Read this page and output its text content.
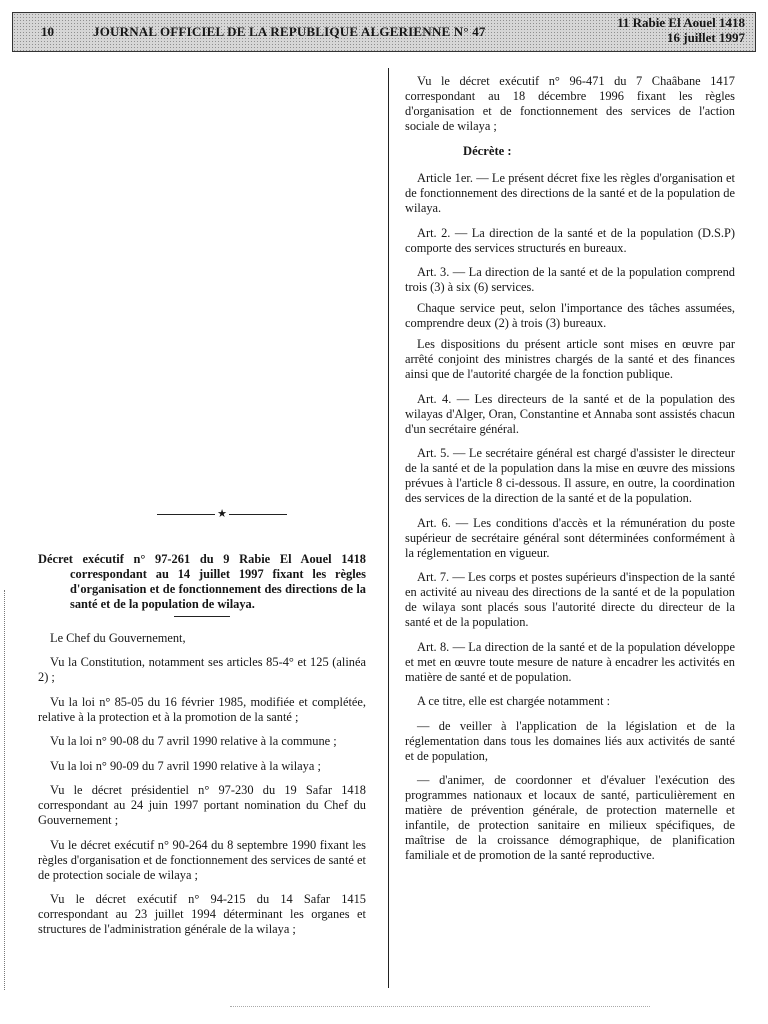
10	JOURNAL OFFICIEL DE LA REPUBLIQUE ALGERIENNE N° 47
11 Rabie El Aouel 1418
16 juillet 1997
★
Décret exécutif n° 97-261 du 9 Rabie El Aouel 1418 correspondant au 14 juillet 1997 fixant les règles d'organisation et de fonctionnement des directions de la santé et de la population de wilaya.

Le Chef du Gouvernement,

Vu la Constitution, notamment ses articles 85-4° et 125 (alinéa 2) ;

Vu la loi n° 85-05 du 16 février 1985, modifiée et complétée, relative à la protection et à la promotion de la santé ;

Vu la loi n° 90-08 du 7 avril 1990 relative à la commune ;

Vu la loi n° 90-09 du 7 avril 1990 relative à la wilaya ;

Vu le décret présidentiel n° 97-230 du 19 Safar 1418 correspondant au 24 juin 1997 portant nomination du Chef du Gouvernement ;

Vu le décret exécutif n° 90-264 du 8 septembre 1990 fixant les règles d'organisation et de fonctionnement des services de santé et de protection sociale de wilaya ;

Vu le décret exécutif n° 94-215 du 14 Safar 1415 correspondant au 23 juillet 1994 déterminant les organes et structures de l'administration générale de la wilaya ;

Vu le décret exécutif n° 96-471 du 7 Chaâbane 1417 correspondant au 18 décembre 1996 fixant les règles d'organisation et de fonctionnement des services de l'action sociale de wilaya ;

Décrète :

Article 1er. — Le présent décret fixe les règles d'organisation et de fonctionnement des directions de la santé et de la population de wilaya.

Art. 2. — La direction de la santé et de la population (D.S.P) comporte des services structurés en bureaux.

Art. 3. — La direction de la santé et de la population comprend trois (3) à six (6) services.

Chaque service peut, selon l'importance des tâches assumées, comprendre deux (2) à trois (3) bureaux.

Les dispositions du présent article sont mises en œuvre par arrêté conjoint des ministres chargés de la santé et des finances ainsi que de l'autorité chargée de la fonction publique.

Art. 4. — Les directeurs de la santé et de la population des wilayas d'Alger, Oran, Constantine et Annaba sont assistés chacun d'un secrétaire général.

Art. 5. — Le secrétaire général est chargé d'assister le directeur de la santé et de la population dans la mise en œuvre des missions prévues à l'article 8 ci-dessous. Il assure, en outre, la coordination des services de la direction de la santé et de la population.

Art. 6. — Les conditions d'accès et la rémunération du poste supérieur de secrétaire général sont déterminées conformément à la réglementation en vigueur.

Art. 7. — Les corps et postes supérieurs d'inspection de la santé en activité au niveau des directions de la santé et de la population de wilaya sont placés sous l'autorité directe du directeur de la santé et de la population.

Art. 8. — La direction de la santé et de la population développe et met en œuvre toute mesure de nature à encadrer les activités en matière de santé et de population.

A ce titre, elle est chargée notamment :

— de veiller à l'application de la législation et de la réglementation dans tous les domaines liés aux activités de santé et de population,

— d'animer, de coordonner et d'évaluer l'exécution des programmes nationaux et locaux de santé, particulièrement en matière de prévention générale, de protection maternelle et infantile, de protection sanitaire en milieux spécifiques, de maîtrise de la croissance démographique, de planification familiale et de promotion de la santé reproductive.
